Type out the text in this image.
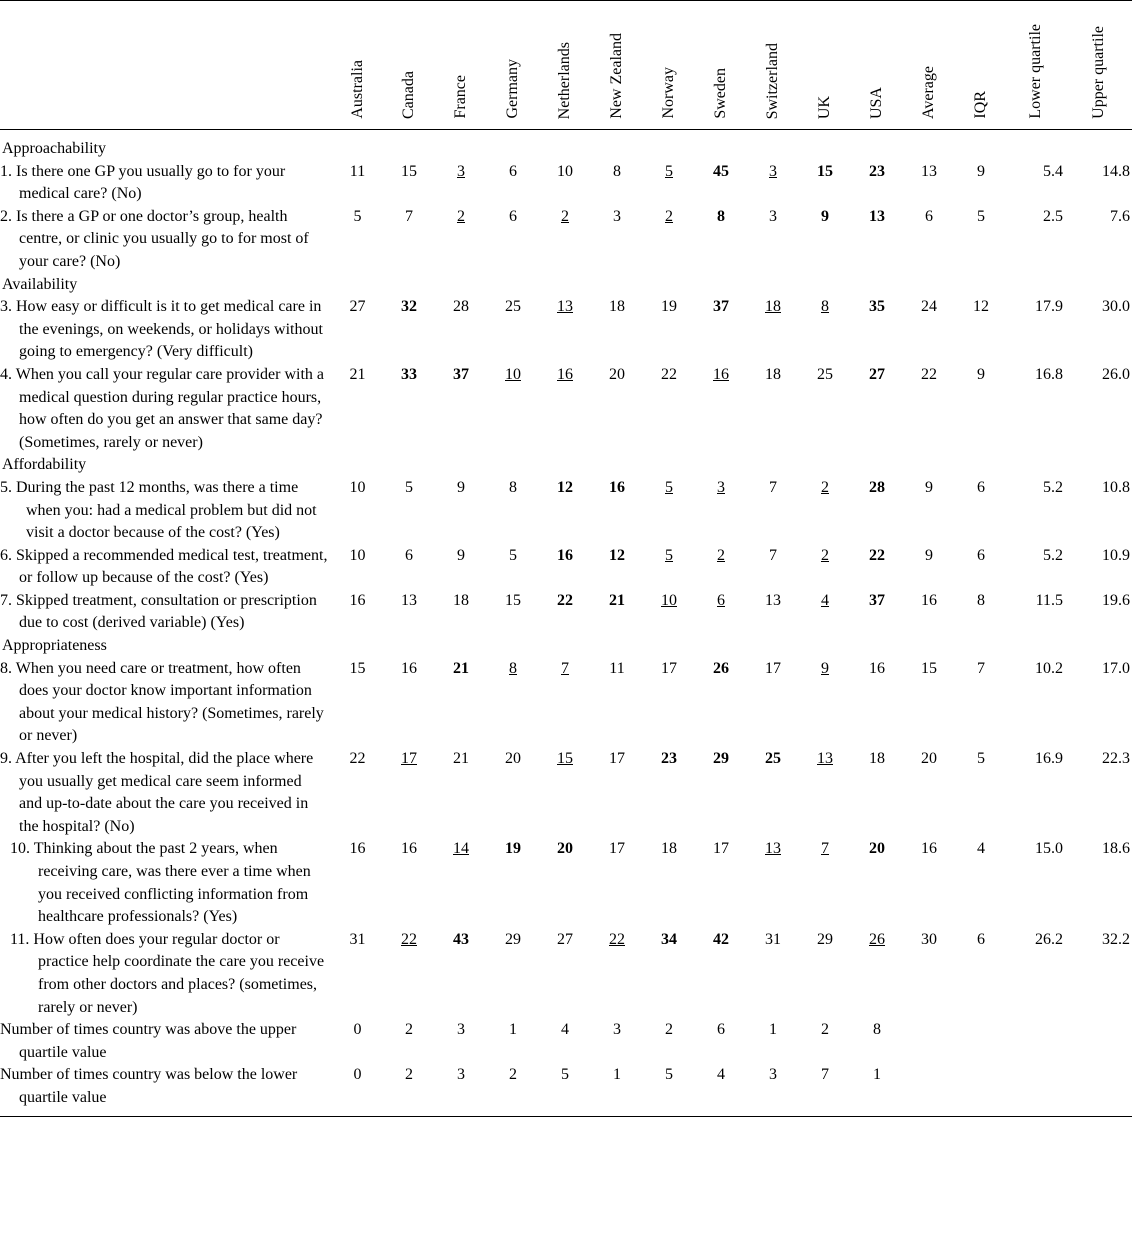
	Australia	Canada	France	Germany	Netherlands	New Zealand	Norway	Sweden	Switzerland	UK	USA	Average	IQR	Lower quartile	Upper quartile

Approachability															
1. Is there one GP you usually go to for your medical care? (No)	11	15	3	6	10	8	5	45	3	15	23	13	9	5.4	14.8
2. Is there a GP or one doctor’s group, health centre, or clinic you usually go to for most of your care? (No)	5	7	2	6	2	3	2	8	3	9	13	6	5	2.5	7.6
Availability															
3. How easy or difficult is it to get medical care in the evenings, on weekends, or holidays without going to emergency? (Very difficult)	27	32	28	25	13	18	19	37	18	8	35	24	12	17.9	30.0
4. When you call your regular care provider with a medical question during regular practice hours, how often do you get an answer that same day? (Sometimes, rarely or never)	21	33	37	10	16	20	22	16	18	25	27	22	9	16.8	26.0
Affordability															
5. During the past 12 months, was there a time when you: had a medical problem but did not visit a doctor because of the cost? (Yes)	10	5	9	8	12	16	5	3	7	2	28	9	6	5.2	10.8
6. Skipped a recommended medical test, treatment, or follow up because of the cost? (Yes)	10	6	9	5	16	12	5	2	7	2	22	9	6	5.2	10.9
7. Skipped treatment, consultation or prescription due to cost (derived variable) (Yes)	16	13	18	15	22	21	10	6	13	4	37	16	8	11.5	19.6
Appropriateness															
8. When you need care or treatment, how often does your doctor know important information about your medical history? (Sometimes, rarely or never)	15	16	21	8	7	11	17	26	17	9	16	15	7	10.2	17.0
9. After you left the hospital, did the place where you usually get medical care seem informed and up-to-date about the care you received in the hospital? (No)	22	17	21	20	15	17	23	29	25	13	18	20	5	16.9	22.3
10. Thinking about the past 2 years, when receiving care, was there ever a time when you received conflicting information from healthcare professionals? (Yes)	16	16	14	19	20	17	18	17	13	7	20	16	4	15.0	18.6
11. How often does your regular doctor or practice help coordinate the care you receive from other doctors and places? (sometimes, rarely or never)	31	22	43	29	27	22	34	42	31	29	26	30	6	26.2	32.2
Number of times country was above the upper quartile value	0	2	3	1	4	3	2	6	1	2	8				
Number of times country was below the lower quartile value	0	2	3	2	5	1	5	4	3	7	1				
